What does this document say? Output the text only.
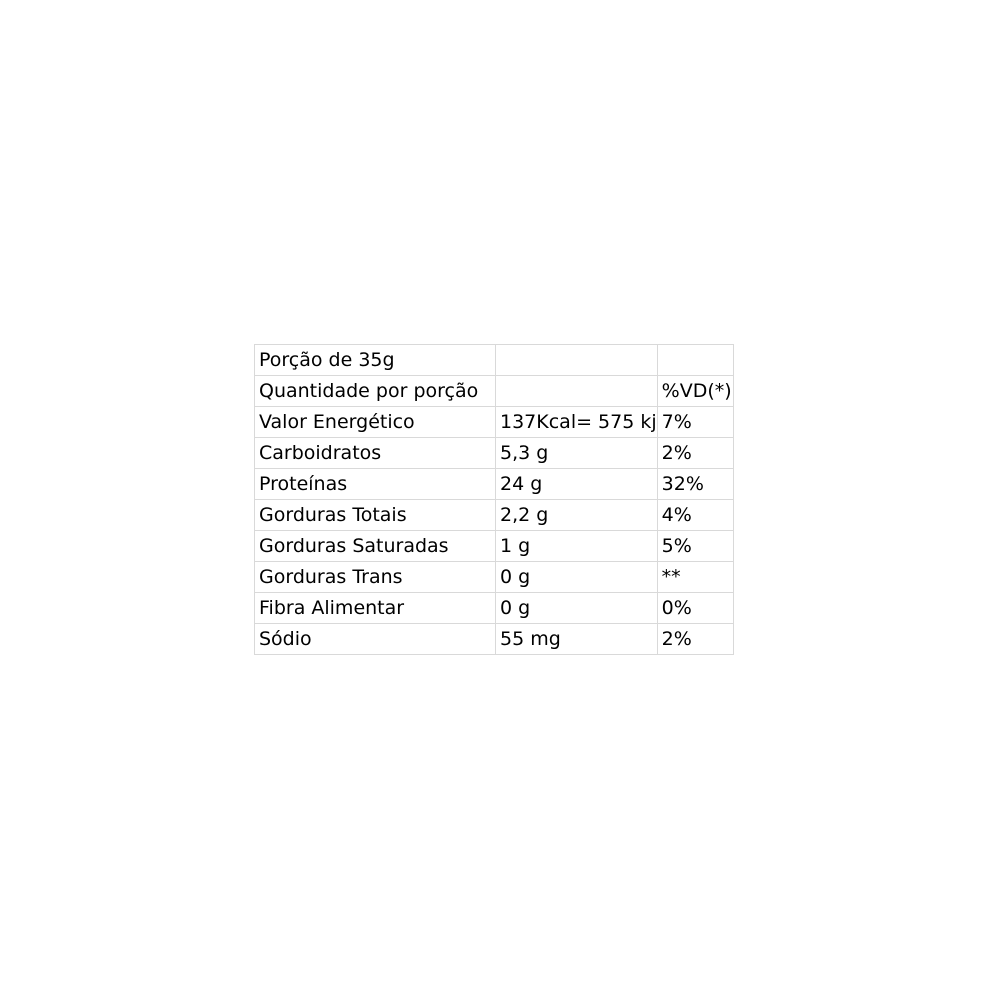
Porção de 35g		
Quantidade por porção		%VD(*)
Valor Energético	137Kcal= 575 kj	7%
Carboidratos	5,3 g	2%
Proteínas	24 g	32%
Gorduras Totais	2,2 g	4%
Gorduras Saturadas	1 g	5%
Gorduras Trans	0 g	**
Fibra Alimentar	0 g	0%
Sódio	55 mg	2%
